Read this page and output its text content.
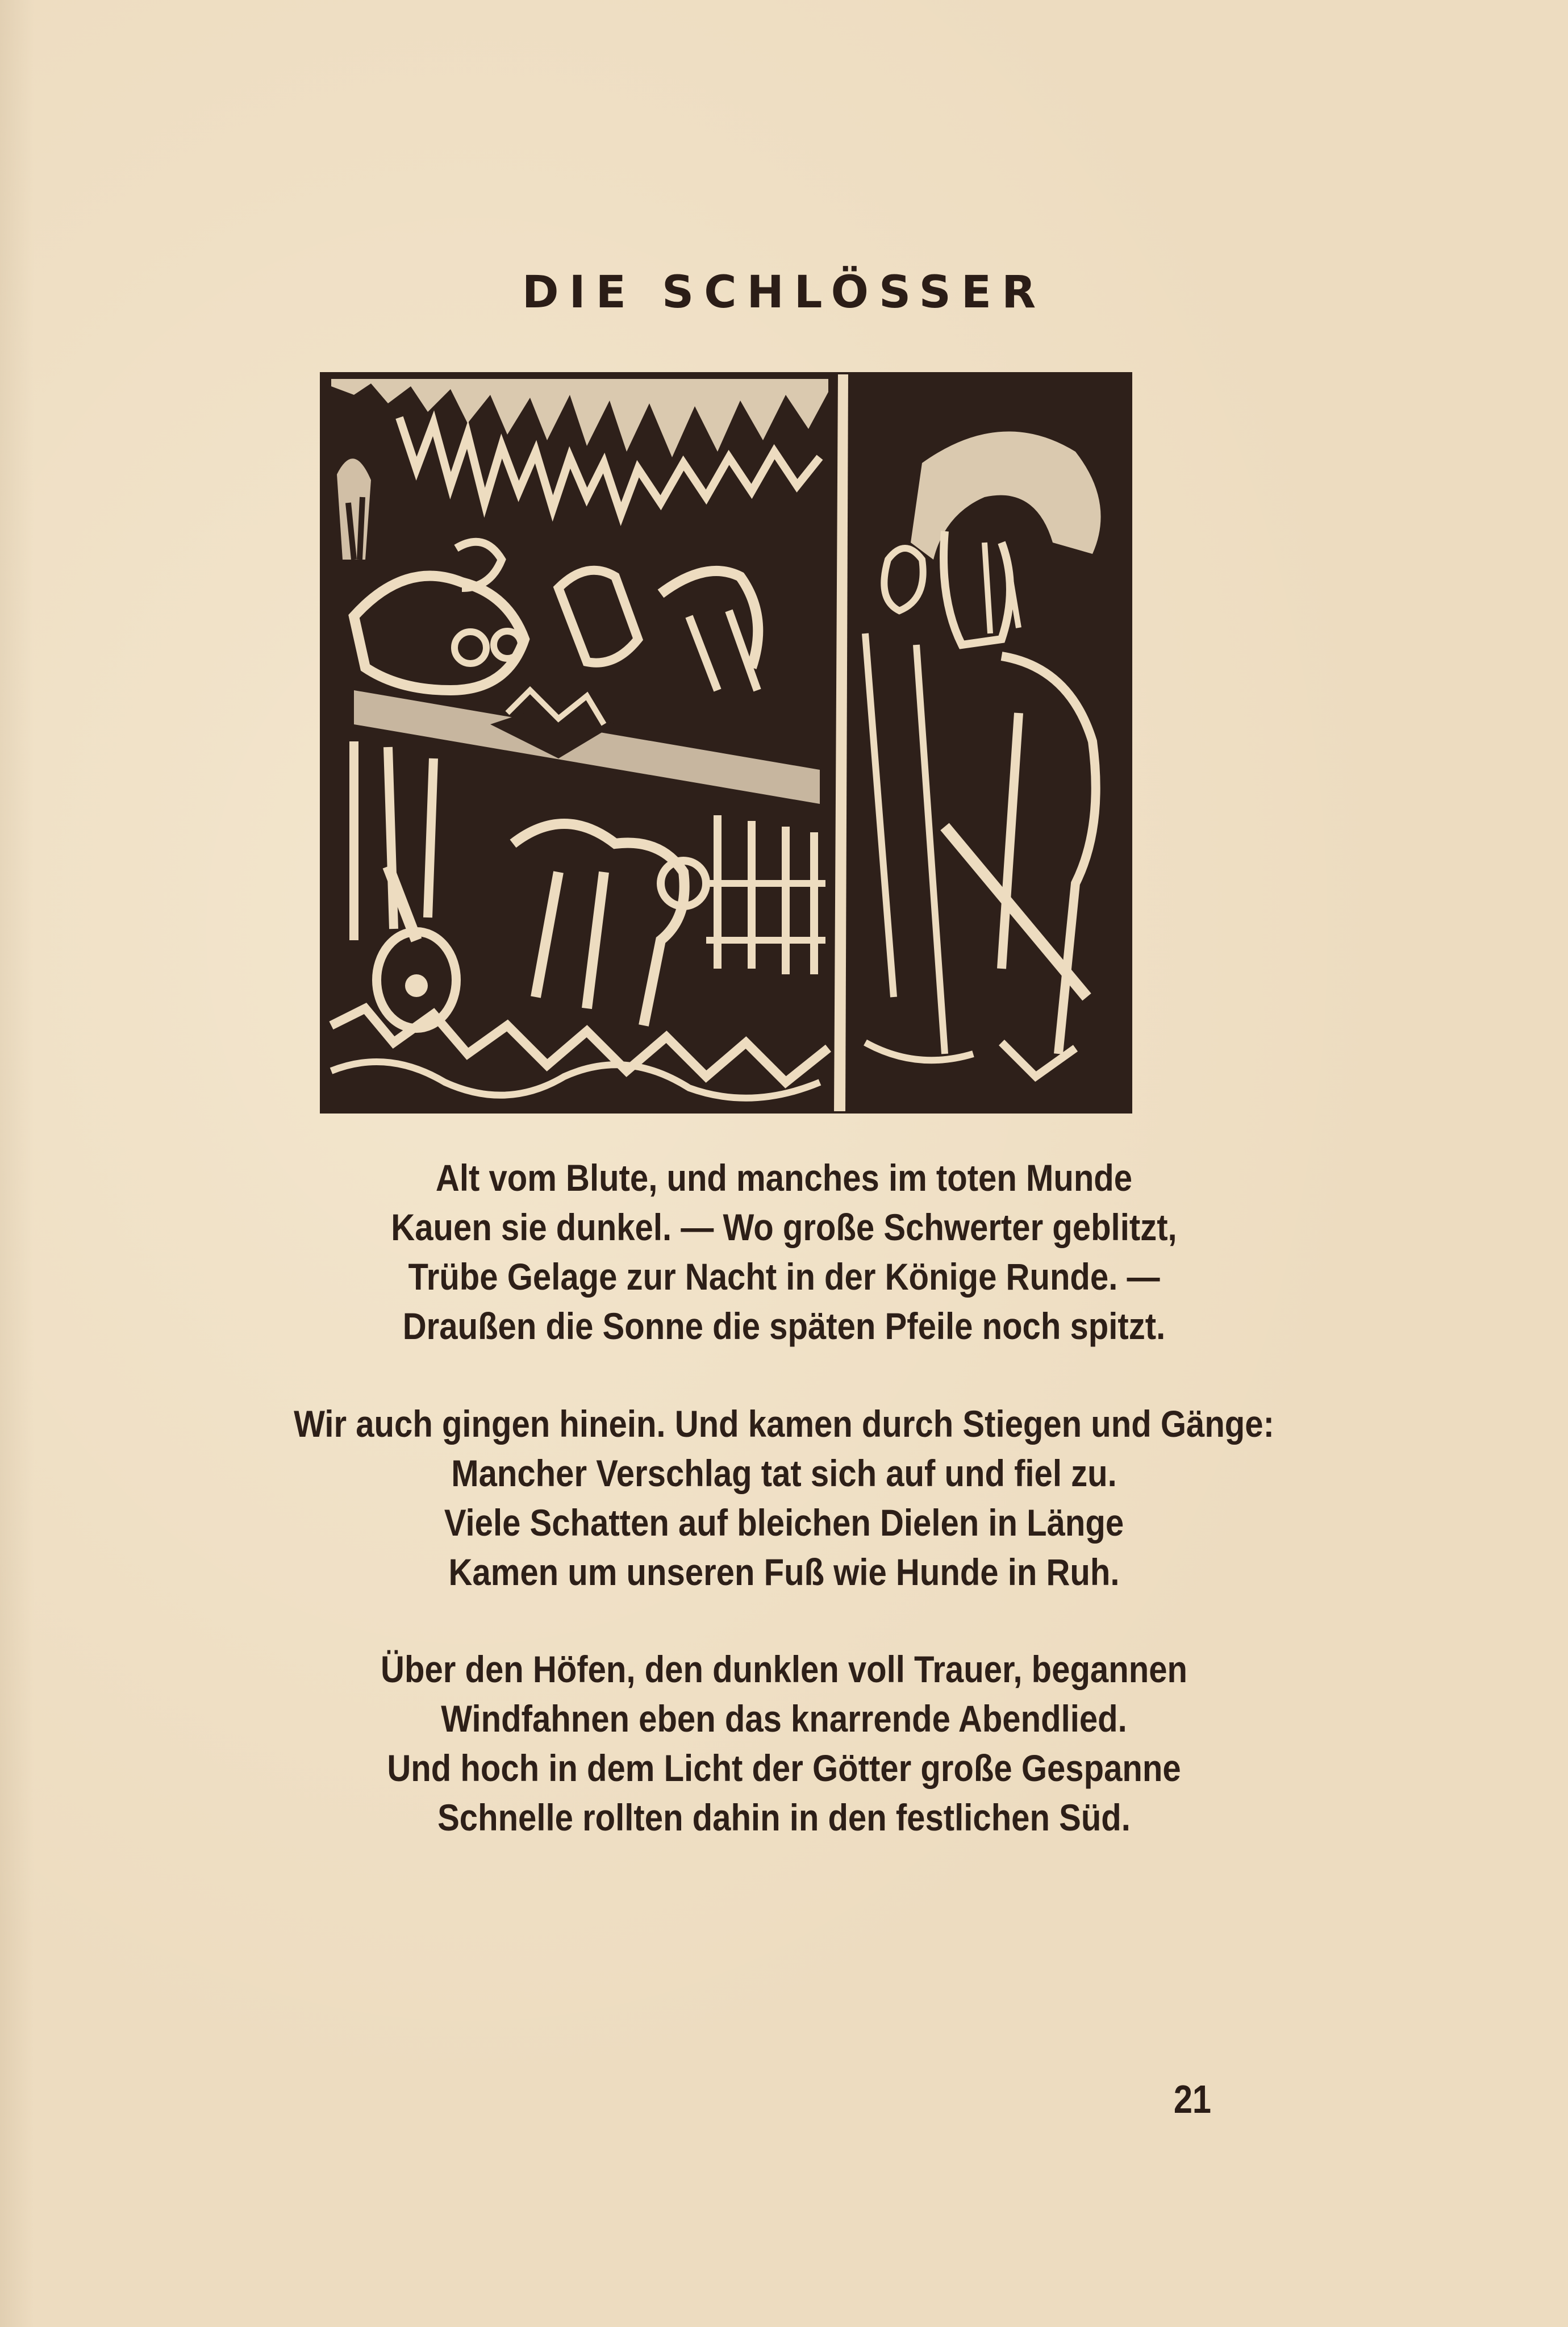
DIE SCHLÖSSER
Alt vom Blute, und manches im toten Munde
Kauen sie dunkel. — Wo große Schwerter geblitzt,
Trübe Gelage zur Nacht in der Könige Runde. —
Draußen die Sonne die späten Pfeile noch spitzt.
Wir auch gingen hinein. Und kamen durch Stiegen und Gänge:
Mancher Verschlag tat sich auf und fiel zu.
Viele Schatten auf bleichen Dielen in Länge
Kamen um unseren Fuß wie Hunde in Ruh.
Über den Höfen, den dunklen voll Trauer, begannen
Windfahnen eben das knarrende Abendlied.
Und hoch in dem Licht der Götter große Gespanne
Schnelle rollten dahin in den festlichen Süd.
21
